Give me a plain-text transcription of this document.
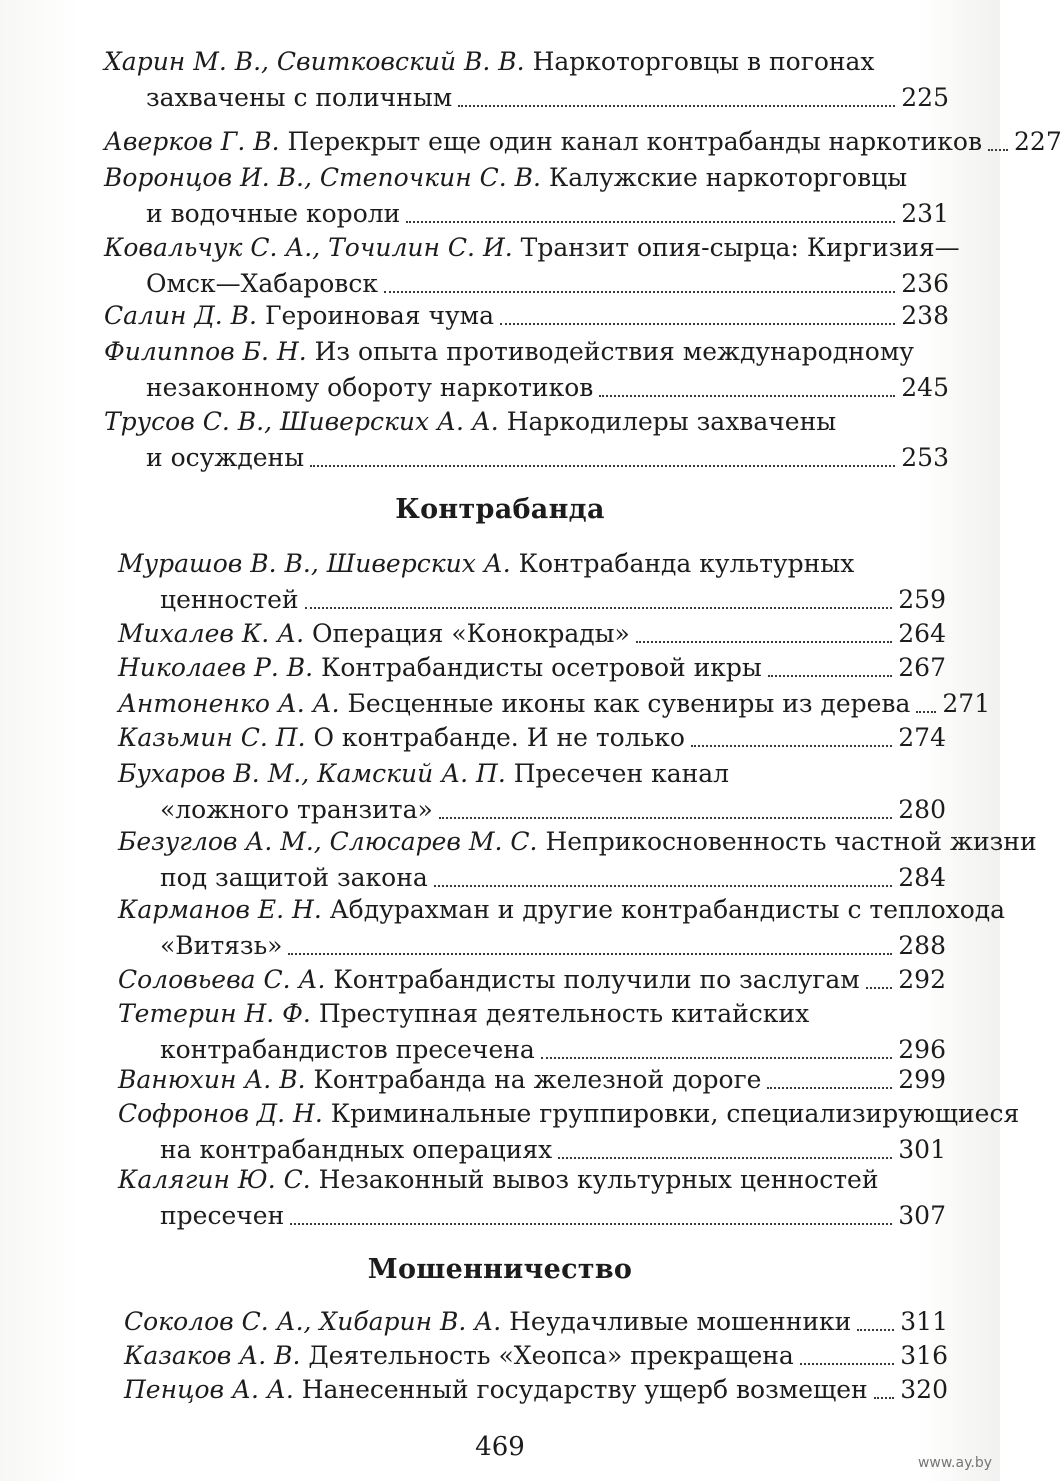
Харин М. В., Свитковский В. В.
Наркоторговцы в погонах
захвачены с поличным	225
Аверков Г. В.
Перекрыт еще один канал контрабанды наркотиков 227
Воронцов И. В., Степочкин С. В.
Калужские наркоторговцы
и водочные короли	231
Ковальчук С. А., Точилин С. И.
Транзит опия-сырца: Киргизия—
Омск—Хабаровск	236
Салин Д. В.
Героиновая чума	238
Филиппов Б. Н.
Из опыта противодействия международному
незаконному обороту наркотиков	245
Трусов С. В., Шиверских А. А.
Наркодилеры захвачены
и осуждены	253
Контрабанда
Мурашов В. В., Шиверских А.
Контрабанда культурных
ценностей	259
Михалев К. А.
Операция «Конокрады»	264
Николаев Р. В.
Контрабандисты осетровой икры	267
Антоненко А. А.
Бесценные иконы как сувениры из дерева 271
Казьмин С. П.
О контрабанде. И не только	274
Бухаров В. М., Камский А. П.
Пресечен канал
«ложного транзита»	280
Безуглов А. М., Слюсарев М. С.
Неприкосновенность частной жизни
под защитой закона	284
Карманов Е. Н.
Абдурахман и другие контрабандисты с теплохода
«Витязь»	288
Соловьева С. А.
Контрабандисты получили по заслугам 292
Тетерин Н. Ф.
Преступная деятельность китайских
контрабандистов пресечена	296
Ванюхин А. В.
Контрабанда на железной дороге	299
Софронов Д. Н.
Криминальные группировки, специализирующиеся
на контрабандных операциях	301
Калягин Ю. С.
Незаконный вывоз культурных ценностей
пресечен	307
Мошенничество
Соколов С. А., Хибарин В. А.
Неудачливые мошенники 311
Казаков А. В.
Деятельность «Хеопса» прекращена	316
Пенцов А. А.
Нанесенный государству ущерб возмещен 320
469
www.ay.by
